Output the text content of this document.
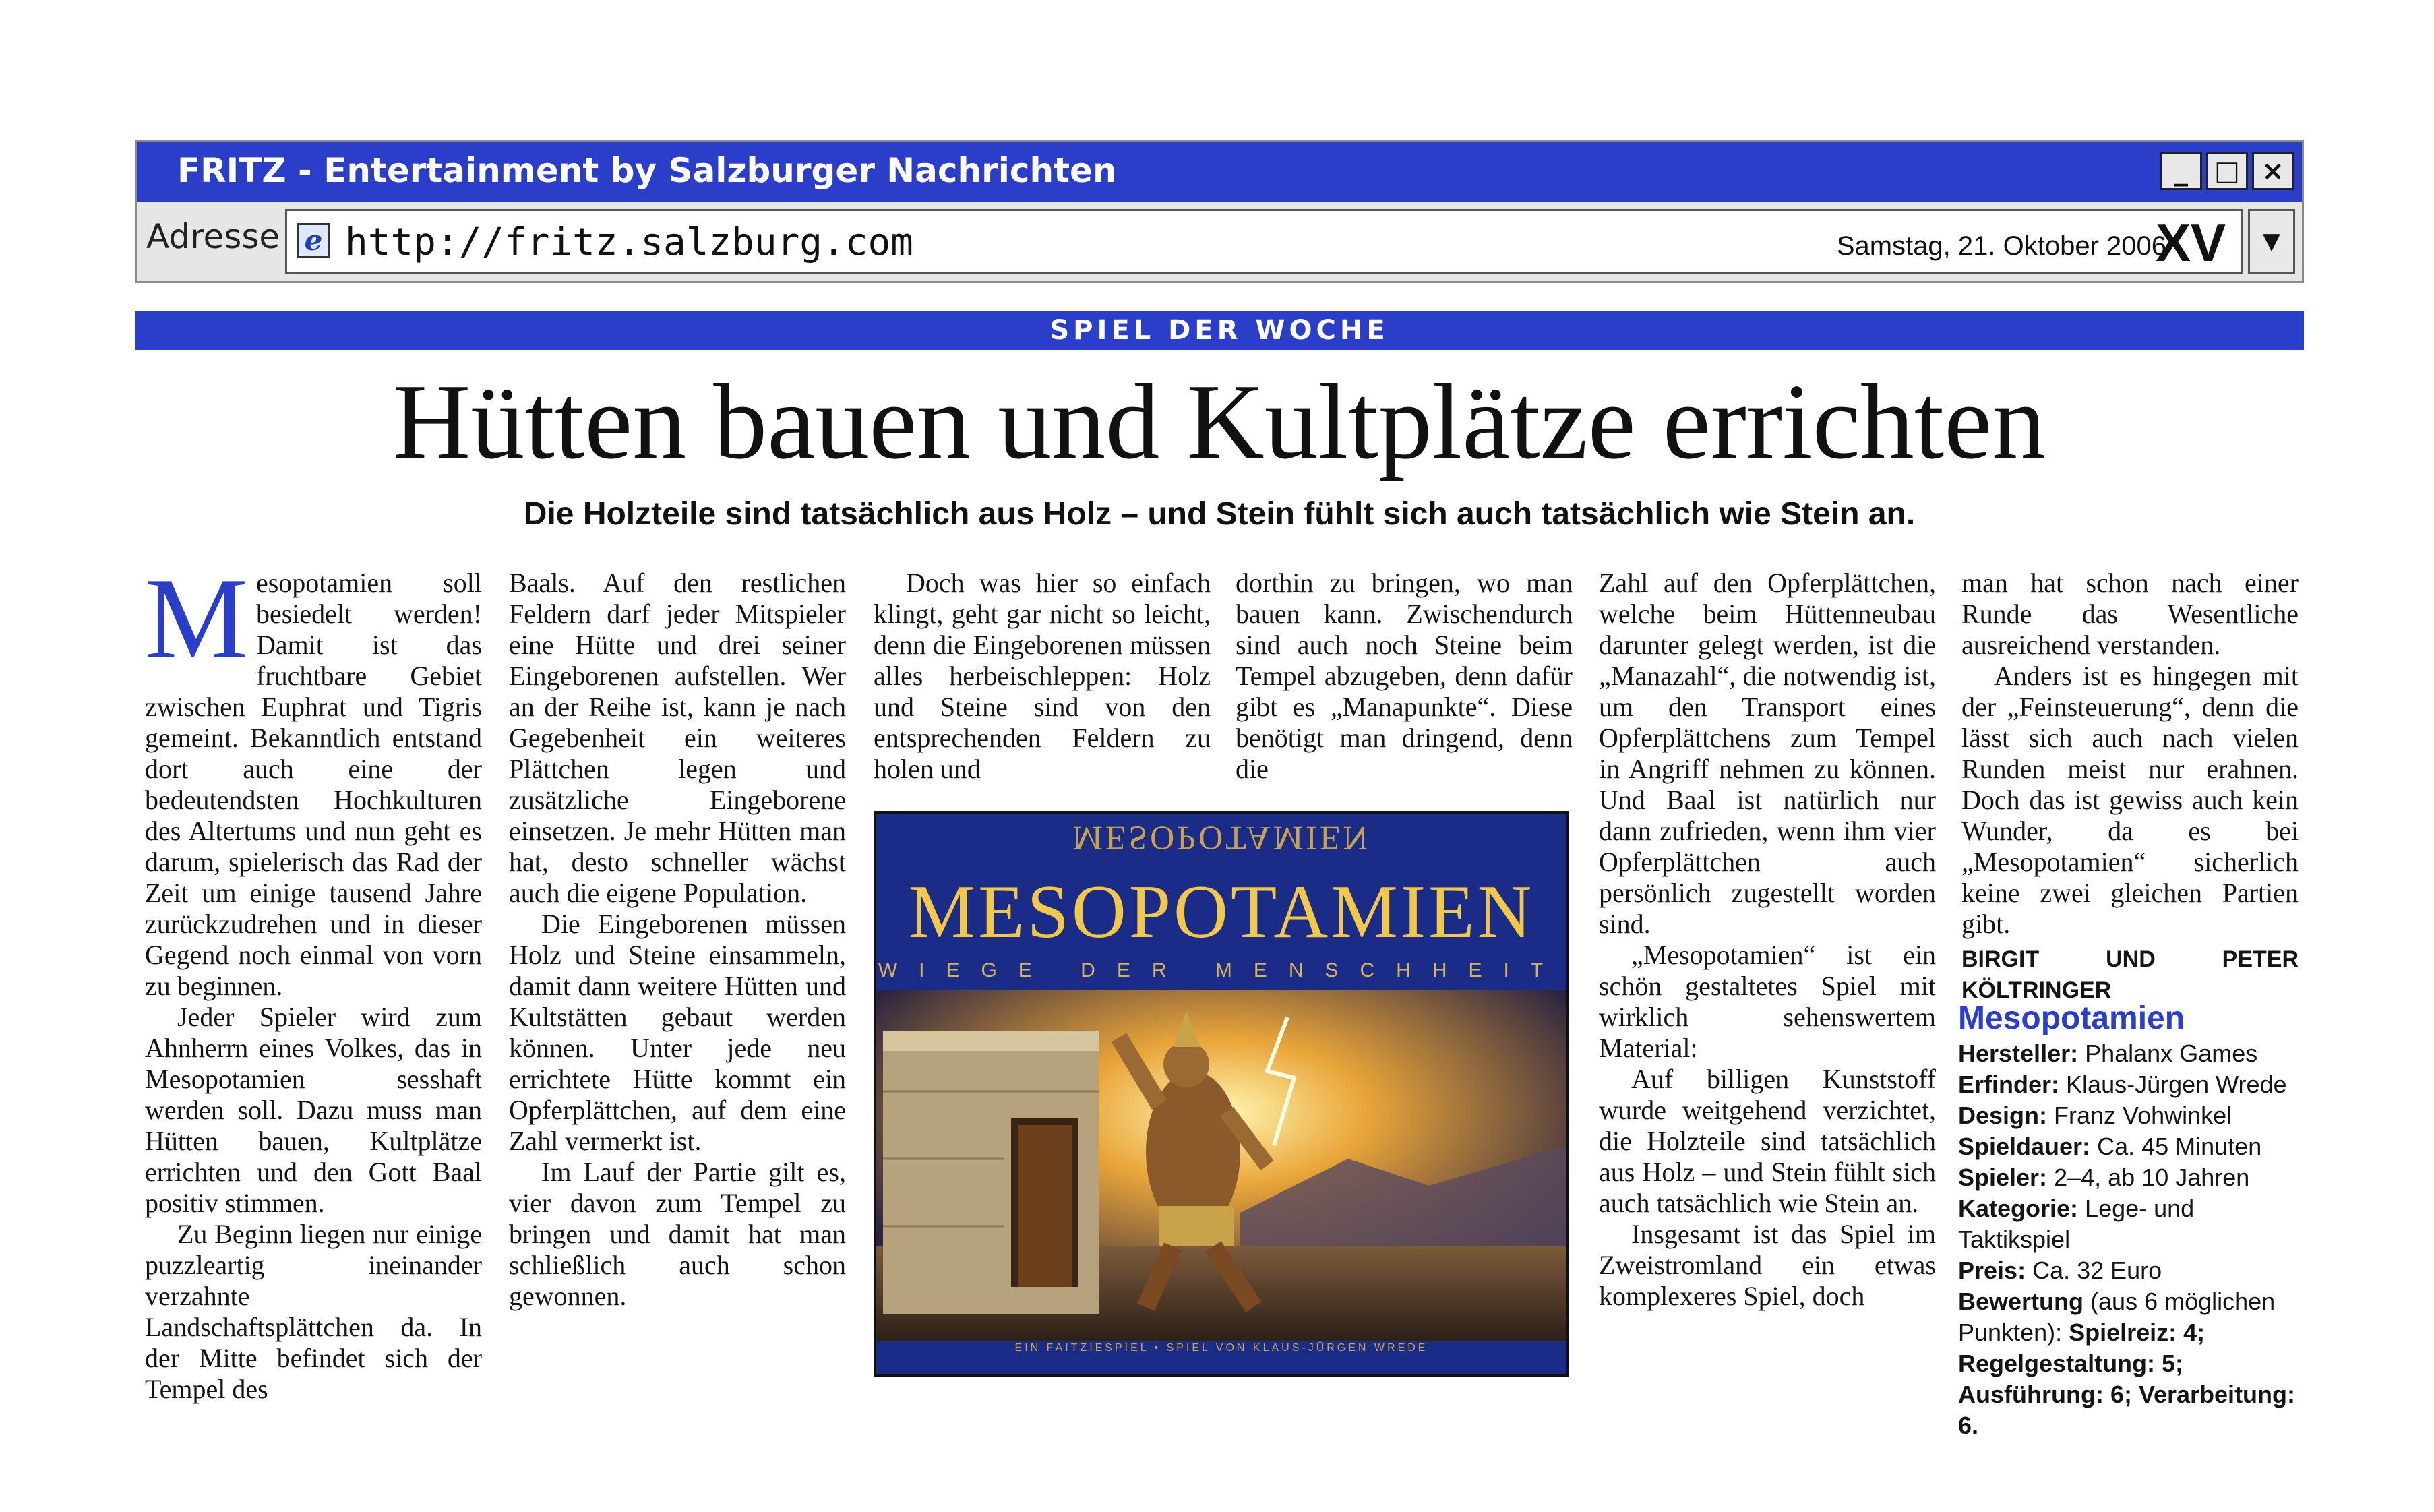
FRITZ - Entertainment by Salzburger Nachrichten	_ □ ×
Adresse e http://fritz.salzburg.com	Samstag, 21. Oktober 2006
XV	▼
SPIEL DER WOCHE
Hütten bauen und Kultplätze errichten
Die Holzteile sind tatsächlich aus Holz – und Stein fühlt sich auch tatsächlich wie Stein an.

Mesopotamien soll besiedelt werden! Damit ist das fruchtbare Gebiet zwischen Euphrat und Tigris gemeint. Bekanntlich entstand dort auch eine der bedeutendsten Hochkulturen des Altertums und nun geht es darum, spielerisch das Rad der Zeit um einige tausend Jahre zurückzudrehen und in dieser Gegend noch einmal von vorn zu beginnen.

Jeder Spieler wird zum Ahnherrn eines Volkes, das in Mesopotamien sesshaft werden soll. Dazu muss man Hütten bauen, Kultplätze errichten und den Gott Baal positiv stimmen.

Zu Beginn liegen nur einige puzzleartig ineinander verzahnte Landschaftsplättchen da. In der Mitte befindet sich der Tempel des

Baals. Auf den restlichen Feldern darf jeder Mitspieler eine Hütte und drei seiner Eingeborenen aufstellen. Wer an der Reihe ist, kann je nach Gegebenheit ein weiteres Plättchen legen und zusätzliche Eingeborene einsetzen. Je mehr Hütten man hat, desto schneller wächst auch die eigene Population.

Die Eingeborenen müssen Holz und Steine einsammeln, damit dann weitere Hütten und Kultstätten gebaut werden können. Unter jede neu errichtete Hütte kommt ein Opferplättchen, auf dem eine Zahl vermerkt ist.

Im Lauf der Partie gilt es, vier davon zum Tempel zu bringen und damit hat man schließlich auch schon gewonnen.

Doch was hier so einfach klingt, geht gar nicht so leicht, denn die Eingeborenen müssen alles herbeischleppen: Holz und Steine sind von den entsprechenden Feldern zu holen und

dorthin zu bringen, wo man bauen kann. Zwischendurch sind auch noch Steine beim Tempel abzugeben, denn dafür gibt es „Manapunkte“. Diese benötigt man dringend, denn die

Zahl auf den Opferplättchen, welche beim Hüttenneubau darunter gelegt werden, ist die „Manazahl“, die notwendig ist, um den Transport eines Opferplättchens zum Tempel in Angriff nehmen zu können. Und Baal ist natürlich nur dann zufrieden, wenn ihm vier Opferplättchen auch persönlich zugestellt worden sind.

„Mesopotamien“ ist ein schön gestaltetes Spiel mit wirklich sehenswertem Material:

Auf billigen Kunststoff wurde weitgehend verzichtet, die Holzteile sind tatsächlich aus Holz – und Stein fühlt sich auch tatsächlich wie Stein an.

Insgesamt ist das Spiel im Zweistromland ein etwas komplexeres Spiel, doch

man hat schon nach einer Runde das Wesentliche ausreichend verstanden.

Anders ist es hingegen mit der „Feinsteuerung“, denn die lässt sich auch nach vielen Runden meist nur erahnen. Doch das ist gewiss auch kein Wunder, da es bei „Mesopotamien“ sicherlich keine zwei gleichen Partien gibt.

BIRGIT UND PETER KÖLTRINGER
Mesopotamien
Hersteller: Phalanx Games
Erfinder: Klaus-Jürgen Wrede
Design: Franz Vohwinkel
Spieldauer: Ca. 45 Minuten
Spieler: 2–4, ab 10 Jahren
Kategorie: Lege- und Taktikspiel
Preis: Ca. 32 Euro
Bewertung (aus 6 möglichen Punkten): Spielreiz: 4; Regelgestaltung: 5; Ausführung: 6; Verarbeitung: 6.
MESOPOTAMIEN
MESOPOTAMIEN
WIEGE DER MENSCHHEIT
EIN FAITZIESPIEL • SPIEL VON KLAUS-JÜRGEN WREDE
